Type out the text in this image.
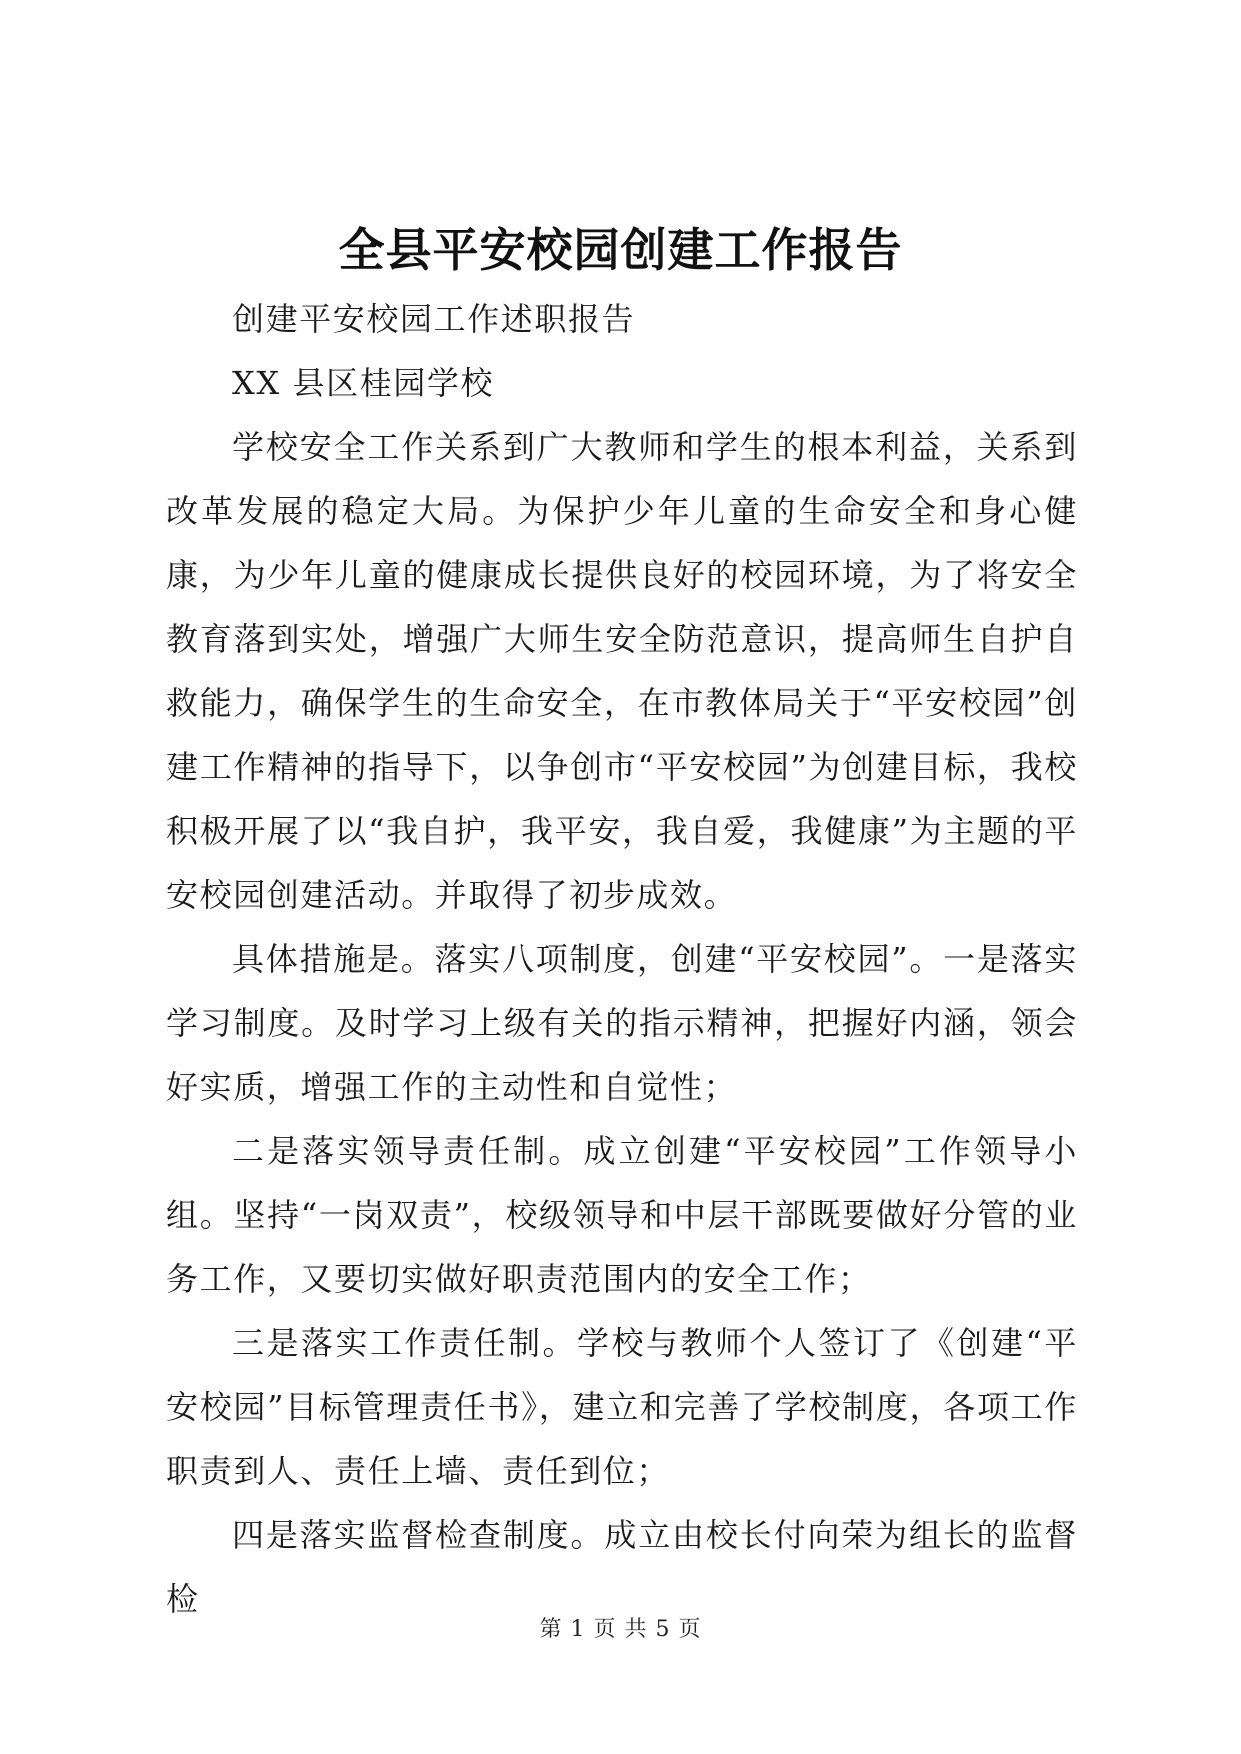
全县平安校园创建工作报告

创建平安校园工作述职报告

XX 县区桂园学校

学校安全工作关系到广大教师和学生的根本利益，关系到改革发展的稳定大局。为保护少年儿童的生命安全和身心健康，为少年儿童的健康成长提供良好的校园环境，为了将安全教育落到实处，增强广大师生安全防范意识，提高师生自护自救能力，确保学生的生命安全，在市教体局关于“平安校园”创建工作精神的指导下，以争创市“平安校园”为创建目标，我校积极开展了以“我自护，我平安，我自爱，我健康”为主题的平安校园创建活动。并取得了初步成效。

具体措施是。落实八项制度，创建“平安校园”。一是落实学习制度。及时学习上级有关的指示精神，把握好内涵，领会好实质，增强工作的主动性和自觉性；

二是落实领导责任制。成立创建“平安校园”工作领导小组。坚持“一岗双责”，校级领导和中层干部既要做好分管的业务工作，又要切实做好职责范围内的安全工作；

三是落实工作责任制。学校与教师个人签订了《创建“平安校园”目标管理责任书》，建立和完善了学校制度，各项工作职责到人、责任上墙、责任到位；

四是落实监督检查制度。成立由校长付向荣为组长的监督检

第 1 页 共 5 页
